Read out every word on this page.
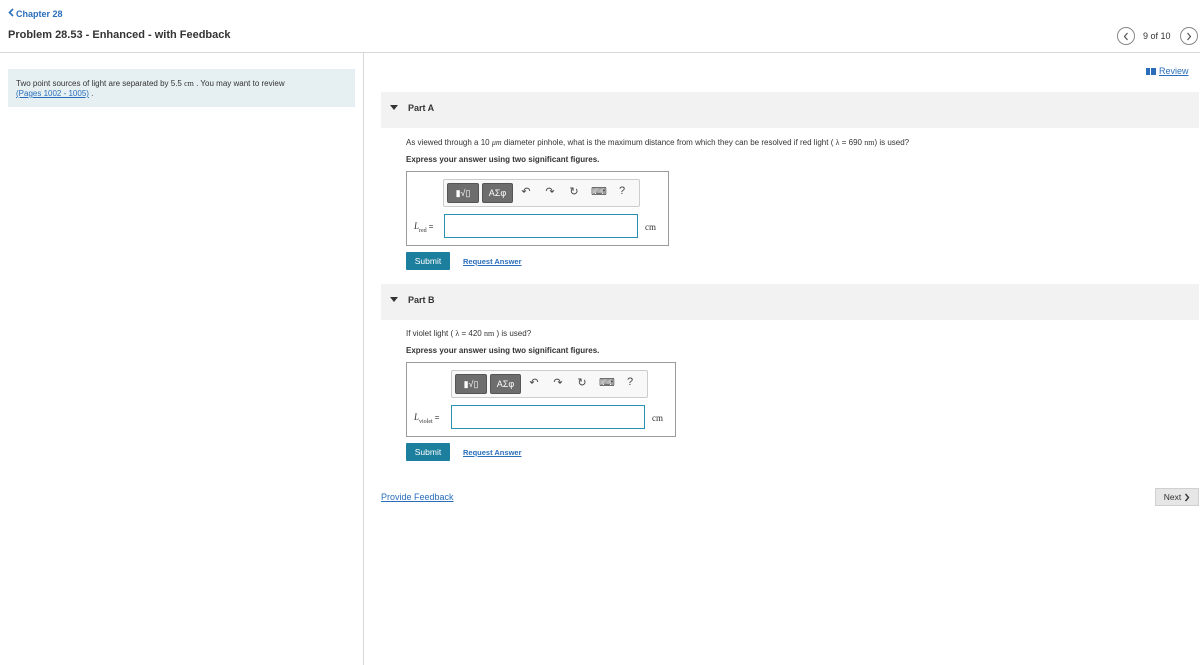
Chapter 28
Problem 28.53 - Enhanced - with Feedback	9 of 10
Two point sources of light are separated by 5.5 cm . You may want to review
(Pages 1002 - 1005) .
Review
Part A
As viewed through a 10 μm diameter pinhole, what is the maximum distance from which they can be resolved if red light ( λ = 690 nm) is used?
Express your answer using two significant figures.
▮√▯	ΑΣφ	↶ ↷ ↻ ⌨	?
$L_{red}$ =	cm
Submit	Request Answer
Part B
If violet light ( λ = 420 nm ) is used?
Express your answer using two significant figures.
▮√▯	ΑΣφ	↶ ↷ ↻ ⌨	?
$L_{violet}$ =	cm
Submit	Request Answer
Provide Feedback	Next
